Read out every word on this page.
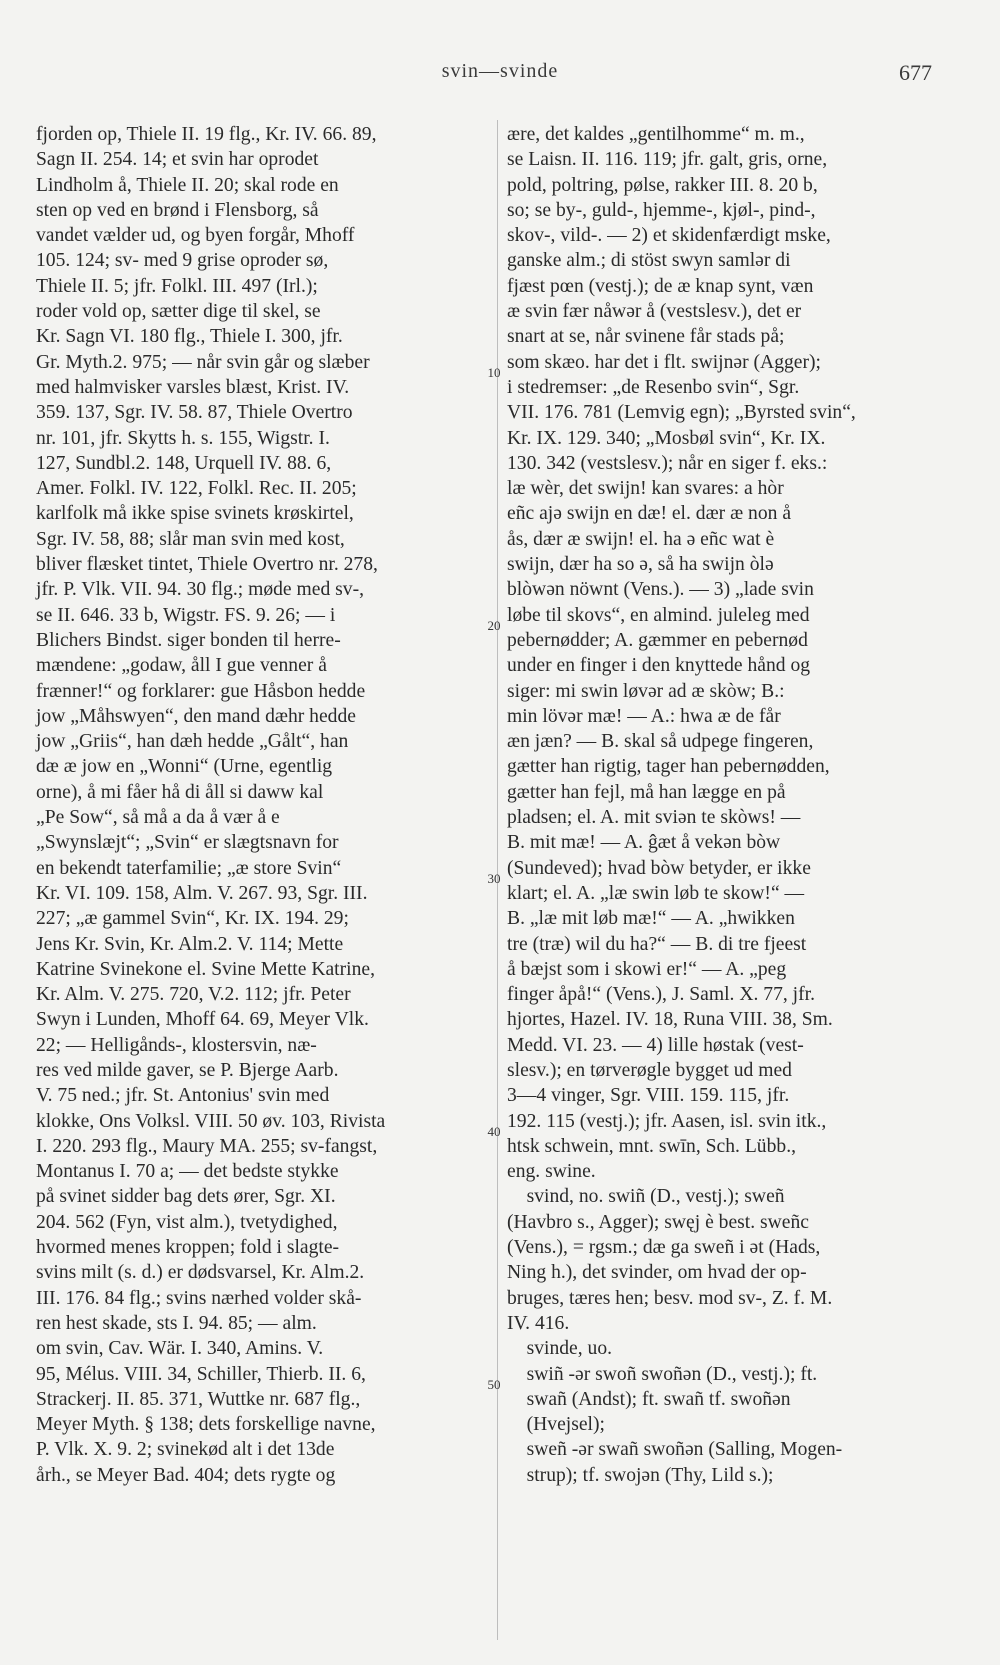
svin—svinde	677
10
20
30
40
50
fjorden op, Thiele II. 19 flg., Kr. IV. 66. 89,
Sagn II. 254. 14; et svin har oprodet
Lindholm å, Thiele II. 20; skal rode en
sten op ved en brønd i Flensborg, så
vandet vælder ud, og byen forgår, Mhoff
105. 124; sv- med 9 grise oproder sø,
Thiele II. 5; jfr. Folkl. III. 497 (Irl.);
roder vold op, sætter dige til skel, se
Kr. Sagn VI. 180 flg., Thiele I. 300, jfr.
Gr. Myth.2. 975; — når svin går og slæber
med halmvisker varsles blæst, Krist. IV.
359. 137, Sgr. IV. 58. 87, Thiele Overtro
nr. 101, jfr. Skytts h. s. 155, Wigstr. I.
127, Sundbl.2. 148, Urquell IV. 88. 6,
Amer. Folkl. IV. 122, Folkl. Rec. II. 205;
karlfolk må ikke spise svinets krøskirtel,
Sgr. IV. 58, 88; slår man svin med kost,
bliver flæsket tintet, Thiele Overtro nr. 278,
jfr. P. Vlk. VII. 94. 30 flg.; møde med sv-,
se II. 646. 33 b, Wigstr. FS. 9. 26; — i
Blichers Bindst. siger bonden til herre-
mændene: „godaw, åll I gue venner å
frænner!“ og forklarer: gue Håsbon hedde
jow „Måhswyen“, den mand dæhr hedde
jow „Griis“, han dæh hedde „Gålt“, han
dæ æ jow en „Wonni“ (Urne, egentlig
orne), å mi fåer hå di åll si daww kal
„Pe Sow“, så må a da å vær å e
„Swynslæjt“; „Svin“ er slægtsnavn for
en bekendt taterfamilie; „æ store Svin“
Kr. VI. 109. 158, Alm. V. 267. 93, Sgr. III.
227; „æ gammel Svin“, Kr. IX. 194. 29;
Jens Kr. Svin, Kr. Alm.2. V. 114; Mette
Katrine Svinekone el. Svine Mette Katrine,
Kr. Alm. V. 275. 720, V.2. 112; jfr. Peter
Swyn i Lunden, Mhoff 64. 69, Meyer Vlk.
22; — Helligånds-, klostersvin, næ-
res ved milde gaver, se P. Bjerge Aarb.
V. 75 ned.; jfr. St. Antonius' svin med
klokke, Ons Volksl. VIII. 50 øv. 103, Rivista
I. 220. 293 flg., Maury MA. 255; sv-fangst,
Montanus I. 70 a; — det bedste stykke
på svinet sidder bag dets ører, Sgr. XI.
204. 562 (Fyn, vist alm.), tvetydighed,
hvormed menes kroppen; fold i slagte-
svins milt (s. d.) er dødsvarsel, Kr. Alm.2.
III. 176. 84 flg.; svins nærhed volder skå-
ren hest skade, sts I. 94. 85; — alm.
om svin, Cav. Wär. I. 340, Amins. V.
95, Mélus. VIII. 34, Schiller, Thierb. II. 6,
Strackerj. II. 85. 371, Wuttke nr. 687 flg.,
Meyer Myth. § 138; dets forskellige navne,
P. Vlk. X. 9. 2; svinekød alt i det 13de
årh., se Meyer Bad. 404; dets rygte og
ære, det kaldes „gentilhomme“ m. m.,
se Laisn. II. 116. 119; jfr. galt, gris, orne,
pold, poltring, pølse, rakker III. 8. 20 b,
so; se by-, guld-, hjemme-, kjøl-, pind-,
skov-, vild-. — 2) et skidenfærdigt mske,
ganske alm.; di stöst swyn samlər di
fjæst pœn (vestj.); de æ knap synt, væn
æ svin fær nåwər å (vestslesv.), det er
snart at se, når svinene får stads på;
som skæo. har det i flt. swijnər (Agger);
i stedremser: „de Resenbo svin“, Sgr.
VII. 176. 781 (Lemvig egn); „Byrsted svin“,
Kr. IX. 129. 340; „Mosbøl svin“, Kr. IX.
130. 342 (vestslesv.); når en siger f. eks.:
læ wèr, det swijn! kan svares: a hòr
eñc ajə swijn en dæ! el. dær æ non å
ås, dær æ swijn! el. ha ə eñc wat è
swijn, dær ha so ə, så ha swijn òlə
blòwən nöwnt (Vens.). — 3) „lade svin
løbe til skovs“, en almind. juleleg med
pebernødder; A. gæmmer en pebernød
under en finger i den knyttede hånd og
siger: mi swin løvər ad æ skòw; B.:
min lövər mæ! — A.: hwa æ de får
æn jæn? — B. skal så udpege fingeren,
gætter han rigtig, tager han pebernødden,
gætter han fejl, må han lægge en på
pladsen; el. A. mit sviən te skòws! —
B. mit mæ! — A. ĝæt å vekən bòw
(Sundeved); hvad bòw betyder, er ikke
klart; el. A. „læ swin løb te skow!“ —
B. „læ mit løb mæ!“ — A. „hwikken
tre (træ) wil du ha?“ — B. di tre fjeest
å bæjst som i skowi er!“ — A. „peg
finger åpå!“ (Vens.), J. Saml. X. 77, jfr.
hjortes, Hazel. IV. 18, Runa VIII. 38, Sm.
Medd. VI. 23. — 4) lille høstak (vest-
slesv.); en tørverøgle bygget ud med
3—4 vinger, Sgr. VIII. 159. 115, jfr.
192. 115 (vestj.); jfr. Aasen, isl. svin itk.,
htsk schwein, mnt. swīn, Sch. Lübb.,
eng. swine.
svind, no. swiñ (D., vestj.); sweñ
(Havbro s., Agger); swęj è best. sweñc
(Vens.), = rgsm.; dæ ga sweñ i ət (Hads,
Ning h.), det svinder, om hvad der op-
bruges, tæres hen; besv. mod sv-, Z. f. M.
IV. 416.
svinde, uo.
swiñ -ər swoñ swoñən (D., vestj.); ft.
swañ (Andst); ft. swañ tf. swoñən
(Hvejsel);
sweñ -ər swañ swoñən (Salling, Mogen-
strup); tf. swojən (Thy, Lild s.);
